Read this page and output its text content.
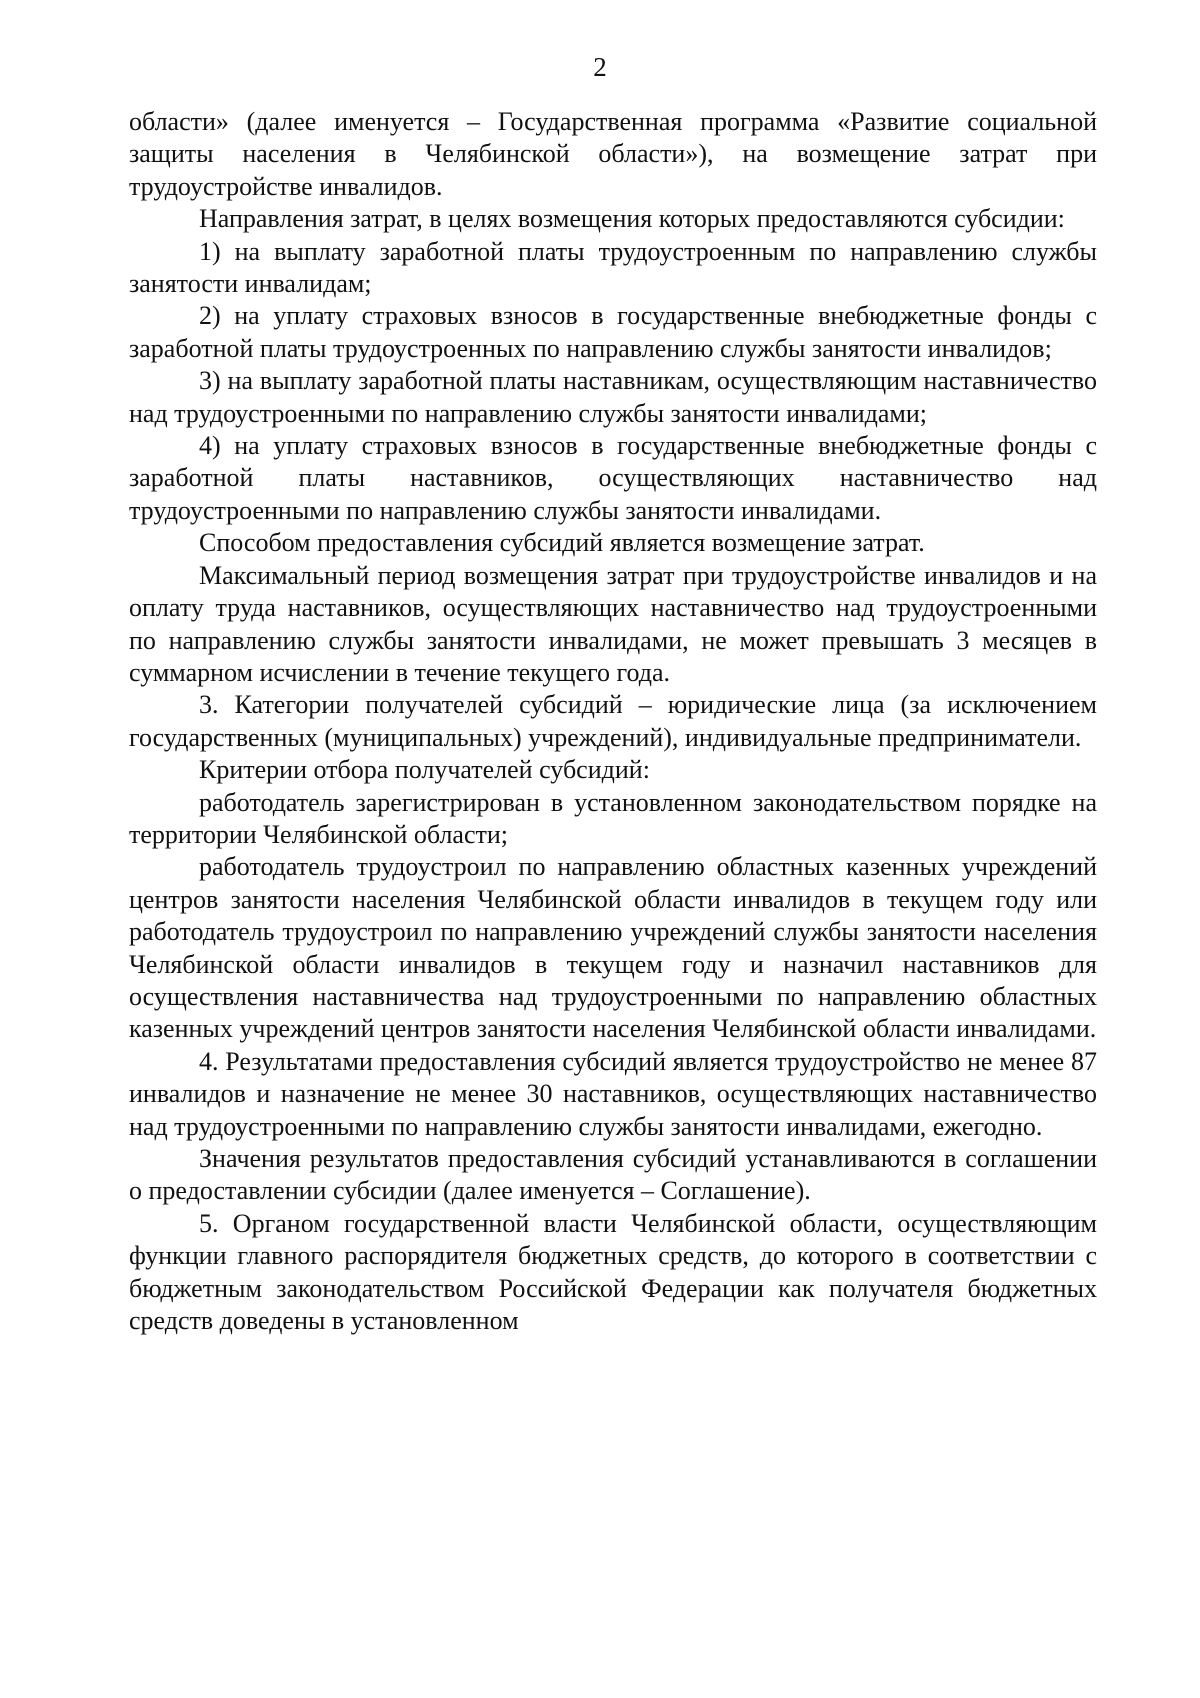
2

области» (далее именуется – Государственная программа «Развитие социальной защиты населения в Челябинской области»), на возмещение затрат при трудоустройстве инвалидов.

Направления затрат, в целях возмещения которых предоставляются субсидии:

1) на выплату заработной платы трудоустроенным по направлению службы занятости инвалидам;

2) на уплату страховых взносов в государственные внебюджетные фонды с заработной платы трудоустроенных по направлению службы занятости инвалидов;

3) на выплату заработной платы наставникам, осуществляющим наставничество над трудоустроенными по направлению службы занятости инвалидами;

4) на уплату страховых взносов в государственные внебюджетные фонды с заработной платы наставников, осуществляющих наставничество над трудоустроенными по направлению службы занятости инвалидами.

Способом предоставления субсидий является возмещение затрат.

Максимальный период возмещения затрат при трудоустройстве инвалидов и на оплату труда наставников, осуществляющих наставничество над трудоустроенными по направлению службы занятости инвалидами, не может превышать 3 месяцев в суммарном исчислении в течение текущего года.

3. Категории получателей субсидий – юридические лица (за исключением государственных (муниципальных) учреждений), индивидуальные предприниматели.

Критерии отбора получателей субсидий:

работодатель зарегистрирован в установленном законодательством порядке на территории Челябинской области;

работодатель трудоустроил по направлению областных казенных учреждений центров занятости населения Челябинской области инвалидов в текущем году или работодатель трудоустроил по направлению учреждений службы занятости населения Челябинской области инвалидов в текущем году и назначил наставников для осуществления наставничества над трудоустроенными по направлению областных казенных учреждений центров занятости населения Челябинской области инвалидами.

4. Результатами предоставления субсидий является трудоустройство не менее 87 инвалидов и назначение не менее 30 наставников, осуществляющих наставничество над трудоустроенными по направлению службы занятости инвалидами, ежегодно.

Значения результатов предоставления субсидий устанавливаются в соглашении о предоставлении субсидии (далее именуется – Соглашение).

5. Органом государственной власти Челябинской области, осуществляющим функции главного распорядителя бюджетных средств, до которого в соответствии с бюджетным законодательством Российской Федерации как получателя бюджетных средств доведены в установленном
